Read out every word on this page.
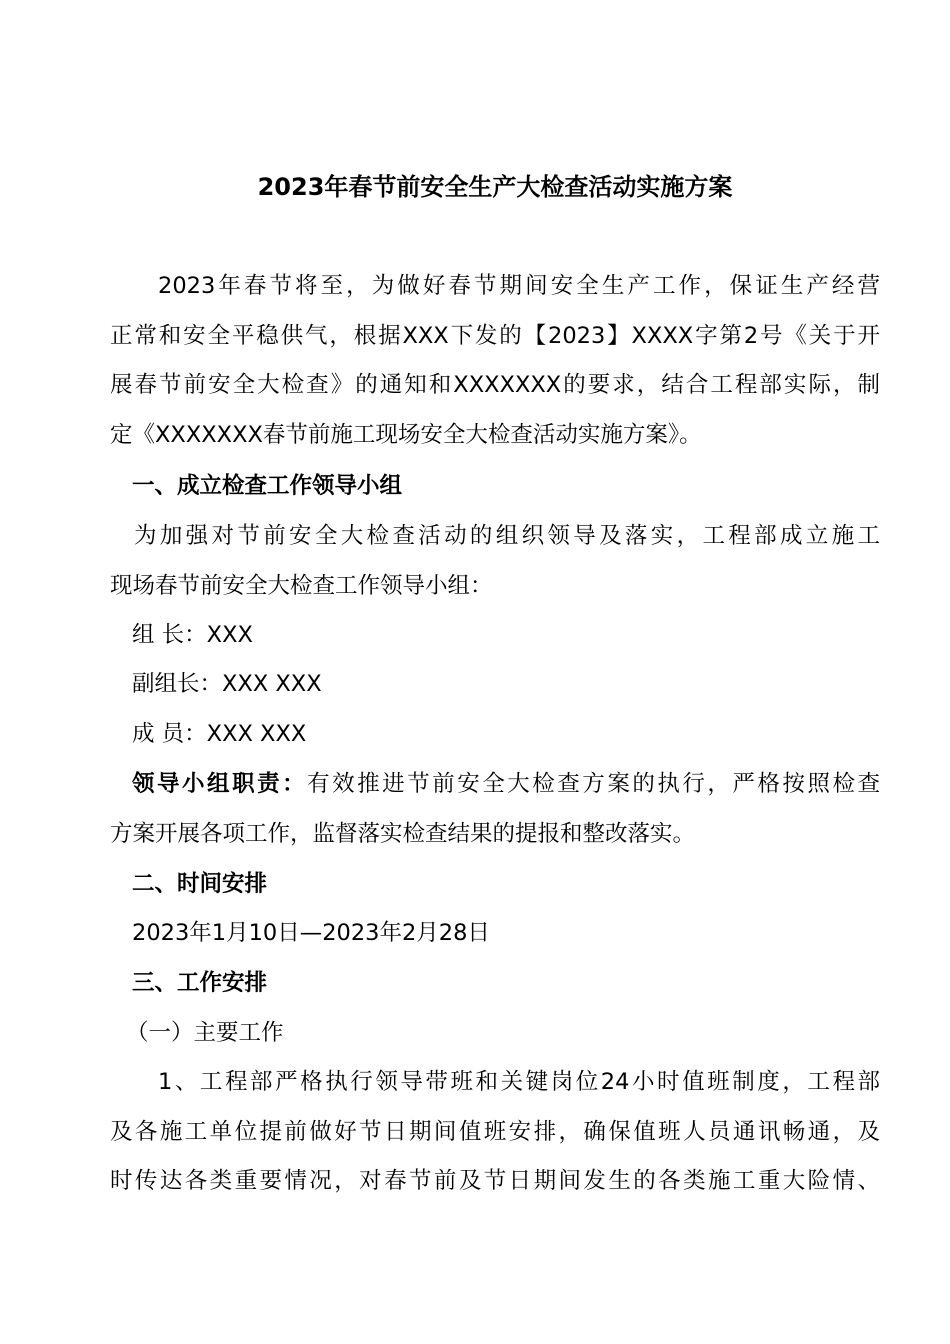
2023年春节前安全生产大检查活动实施方案
2023年春节将至，为做好春节期间安全生产工作，保证生产经营
正常和安全平稳供气，根据XXX下发的【2023】XXXX字第2号《关于开
展春节前安全大检查》的通知和XXXXXXX的要求，结合工程部实际，制
定《XXXXXXX春节前施工现场安全大检查活动实施方案》。
一、成立检查工作领导小组
为加强对节前安全大检查活动的组织领导及落实，工程部成立施工
现场春节前安全大检查工作领导小组：
组 长：XXX
副组长：XXX XXX
成 员：XXX XXX
领导小组职责：有效推进节前安全大检查方案的执行，严格按照检查
方案开展各项工作，监督落实检查结果的提报和整改落实。
二、时间安排
2023年1月10日—2023年2月28日
三、工作安排
（一）主要工作
1、工程部严格执行领导带班和关键岗位24小时值班制度，工程部
及各施工单位提前做好节日期间值班安排，确保值班人员通讯畅通，及
时传达各类重要情况，对春节前及节日期间发生的各类施工重大险情、
